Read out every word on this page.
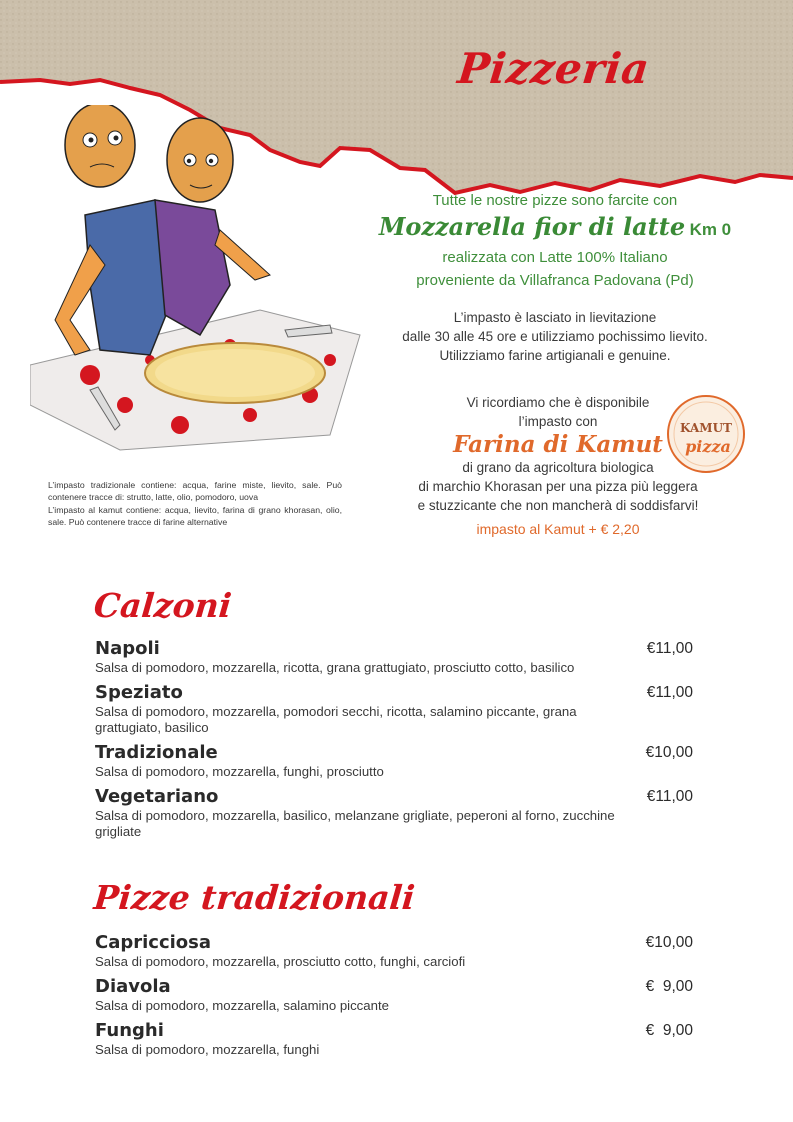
Pizzeria
Tutte le nostre pizze sono farcite con
Mozzarella fior di latte Km 0
realizzata con Latte 100% Italiano
proveniente da Villafranca Padovana (Pd)
L’impasto è lasciato in lievitazione
dalle 30 alle 45 ore e utilizziamo pochissimo lievito.
Utilizziamo farine artigianali e genuine.
Vi ricordiamo che è disponibile
l’impasto con
Farina di Kamut
di grano da agricoltura biologica
di marchio Khorasan per una pizza più leggera
e stuzzicante che non mancherà di soddisfarvi!
impasto al Kamut + € 2,20
KAMUT
pizza
L’impasto tradizionale contiene: acqua, farine miste, lievito, sale. Può contenere tracce di: strutto, latte, olio, pomodoro, uova
L’impasto al kamut contiene: acqua, lievito, farina di grano khorasan, olio, sale. Può contenere tracce di farine alternative
Calzoni
Napoli
Salsa di pomodoro, mozzarella, ricotta, grana grattugiato, prosciutto cotto, basilico
€11,00
Speziato
Salsa di pomodoro, mozzarella, pomodori secchi, ricotta, salamino piccante, grana grattugiato, basilico
€11,00
Tradizionale
Salsa di pomodoro, mozzarella, funghi, prosciutto
€10,00
Vegetariano
Salsa di pomodoro, mozzarella, basilico, melanzane grigliate, peperoni al forno, zucchine grigliate
€11,00
Pizze tradizionali
Capricciosa
Salsa di pomodoro, mozzarella, prosciutto cotto, funghi, carciofi
€10,00
Diavola
Salsa di pomodoro, mozzarella, salamino piccante
€  9,00
Funghi
Salsa di pomodoro, mozzarella, funghi
€  9,00
